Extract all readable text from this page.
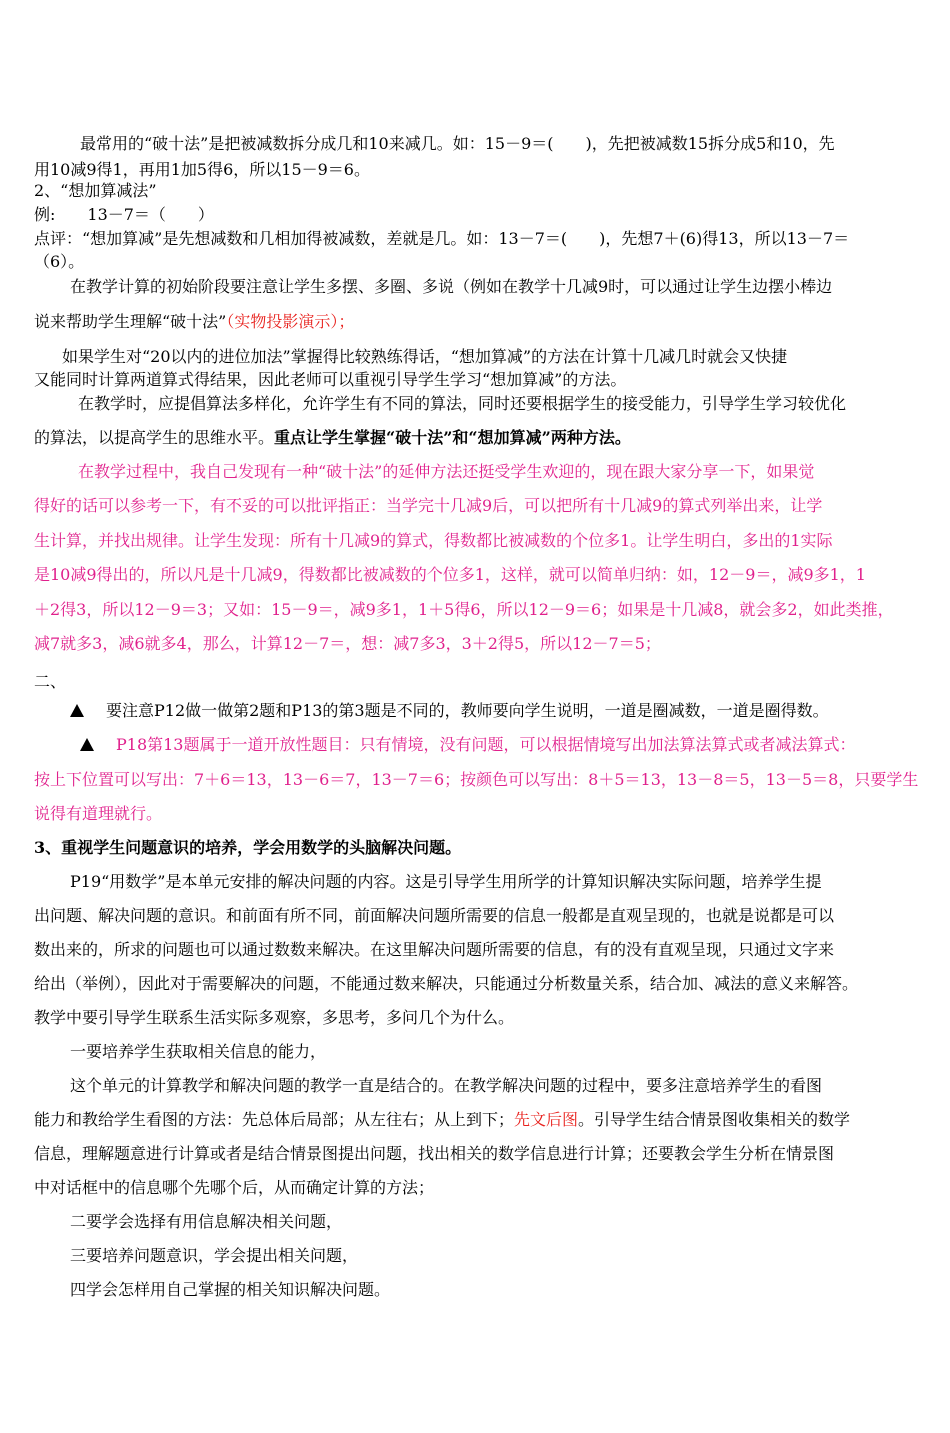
最常用的“破十法”是把被减数拆分成几和10来减几。如：15－9＝(　　)，先把被减数15拆分成5和10，先
用10减9得1，再用1加5得6，所以15－9＝6。
2、“想加算减法”
例:　　13－7＝（　　）
点评：“想加算减”是先想减数和几相加得被减数，差就是几。如：13－7＝(　　)，先想7＋(6)得13，所以13－7＝
（6）。
在教学计算的初始阶段要注意让学生多摆、多圈、多说（例如在教学十几减9时，可以通过让学生边摆小棒边
说来帮助学生理解“破十法”（实物投影演示）；
如果学生对“20以内的进位加法”掌握得比较熟练得话，“想加算减”的方法在计算十几减几时就会又快捷
又能同时计算两道算式得结果，因此老师可以重视引导学生学习“想加算减”的方法。
在教学时，应提倡算法多样化，允许学生有不同的算法，同时还要根据学生的接受能力，引导学生学习较优化
的算法，以提高学生的思维水平。重点让学生掌握“破十法”和“想加算减”两种方法。
在教学过程中，我自己发现有一种“破十法”的延伸方法还挺受学生欢迎的，现在跟大家分享一下，如果觉
得好的话可以参考一下，有不妥的可以批评指正：当学完十几减9后，可以把所有十几减9的算式列举出来，让学
生计算，并找出规律。让学生发现：所有十几减9的算式，得数都比被减数的个位多1。让学生明白，多出的1实际
是10减9得出的，所以凡是十几减9，得数都比被减数的个位多1，这样，就可以简单归纳：如，12－9＝，减9多1，1
＋2得3，所以12－9＝3；又如：15－9＝，减9多1，1＋5得6，所以12－9＝6；如果是十几减8，就会多2，如此类推，
减7就多3，减6就多4，那么，计算12－7＝，想：减7多3，3＋2得5，所以12－7＝5；
二、
要注意P12做一做第2题和P13的第3题是不同的，教师要向学生说明，一道是圈减数，一道是圈得数。
P18第13题属于一道开放性题目：只有情境，没有问题，可以根据情境写出加法算法算式或者减法算式：
按上下位置可以写出：7＋6＝13，13－6＝7，13－7＝6；按颜色可以写出：8＋5＝13，13－8＝5，13－5＝8，只要学生
说得有道理就行。
3、重视学生问题意识的培养，学会用数学的头脑解决问题。
P19“用数学”是本单元安排的解决问题的内容。这是引导学生用所学的计算知识解决实际问题，培养学生提
出问题、解决问题的意识。和前面有所不同，前面解决问题所需要的信息一般都是直观呈现的，也就是说都是可以
数出来的，所求的问题也可以通过数数来解决。在这里解决问题所需要的信息，有的没有直观呈现，只通过文字来
给出（举例），因此对于需要解决的问题，不能通过数来解决，只能通过分析数量关系，结合加、减法的意义来解答。
教学中要引导学生联系生活实际多观察，多思考，多问几个为什么。
一要培养学生获取相关信息的能力，
这个单元的计算教学和解决问题的教学一直是结合的。在教学解决问题的过程中，要多注意培养学生的看图
能力和教给学生看图的方法：先总体后局部；从左往右；从上到下；先文后图。引导学生结合情景图收集相关的数学
信息，理解题意进行计算或者是结合情景图提出问题，找出相关的数学信息进行计算；还要教会学生分析在情景图
中对话框中的信息哪个先哪个后，从而确定计算的方法；
二要学会选择有用信息解决相关问题，
三要培养问题意识，学会提出相关问题，
四学会怎样用自己掌握的相关知识解决问题。
